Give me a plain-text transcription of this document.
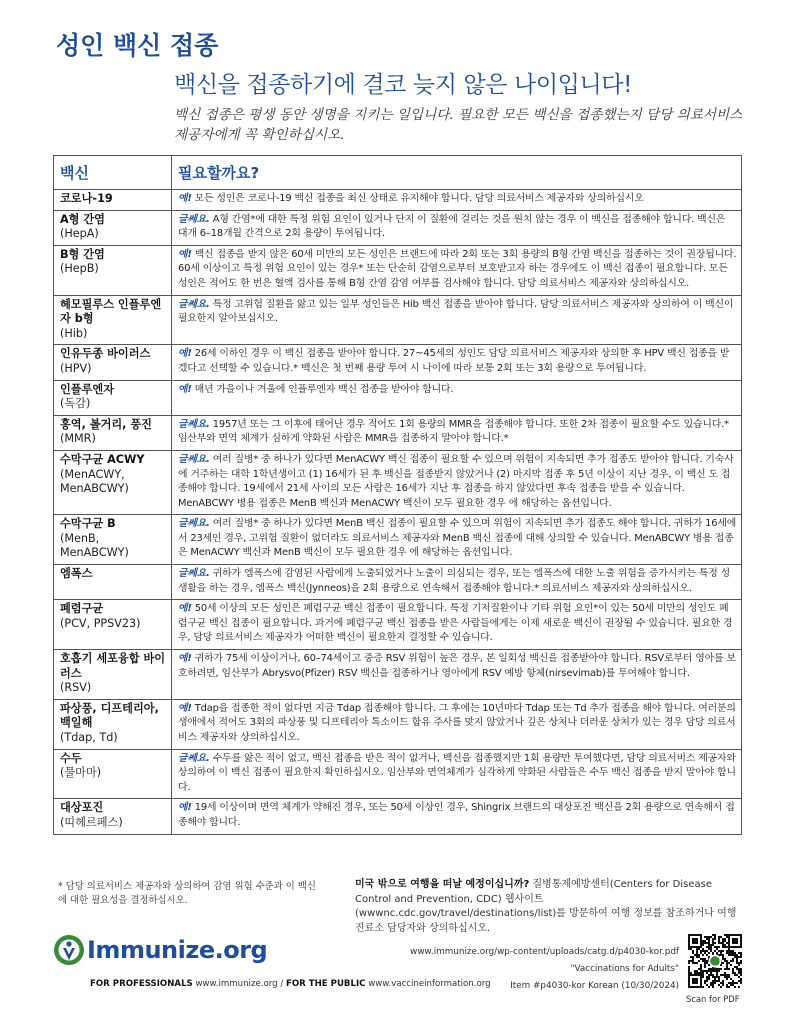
성인 백신 접종
백신을 접종하기에 결코 늦지 않은 나이입니다!
백신 접종은 평생 동안 생명을 지키는 일입니다. 필요한 모든 백신을 접종했는지 담당 의료서비스 제공자에게 꼭 확인하십시오.
백신	필요할까요?

코로나-19	예! 모든 성인은 코로나-19 백신 접종을 최신 상태로 유지해야 합니다. 담당 의료서비스 제공자와 상의하십시오

A형 간염
(HepA)	글쎄요. A형 간염*에 대한 특정 위험 요인이 있거나 단지 이 질환에 걸리는 것을 원치 않는 경우 이 백신을 접종해야 합니다. 백신은 대개 6–18개월 간격으로 2회 용량이 투여됩니다.

B형 간염
(HepB)	예! 백신 접종을 받지 않은 60세 미만의 모든 성인은 브랜드에 따라 2회 또는 3회 용량의 B형 간염 백신을 접종하는 것이 권장됩니다. 60세 이상이고 특정 위험 요인이 있는 경우* 또는 단순히 감염으로부터 보호받고자 하는 경우에도 이 백신 접종이 필요합니다. 모든 성인은 적어도 한 번은 혈액 검사를 통해 B형 간염 감염 여부를 검사해야 합니다. 담당 의료서비스 제공자와 상의하십시오.

헤모필루스 인플루엔자 b형
(Hib)	글쎄요. 특정 고위험 질환을 앓고 있는 일부 성인들은 Hib 백신 접종을 받아야 합니다. 담당 의료서비스 제공자와 상의하여 이 백신이 필요한지 알아보십시오.

인유두종 바이러스
(HPV)	예! 26세 이하인 경우 이 백신 접종을 받아야 합니다. 27~45세의 성인도 담당 의료서비스 제공자와 상의한 후 HPV 백신 접종을 받겠다고 선택할 수 있습니다.* 백신은 첫 번째 용량 투여 시 나이에 따라 보통 2회 또는 3회 용량으로 투여됩니다.

인플루엔자
(독감)	예! 매년 가을이나 겨울에 인플루엔자 백신 접종을 받아야 합니다.

홍역, 볼거리, 풍진
(MMR)	글쎄요. 1957년 또는 그 이후에 태어난 경우 적어도 1회 용량의 MMR을 접종해야 합니다. 또한 2차 접종이 필요할 수도 있습니다.* 임산부와 면역 체계가 심하게 약화된 사람은 MMR을 접종하지 말아야 합니다.*

수막구균 ACWY
(MenACWY, MenABCWY)	글쎄요. 여러 질병* 중 하나가 있다면 MenACWY 백신 접종이 필요할 수 있으며 위험이 지속되면 추가 접종도 받아야 합니다. 기숙사에 거주하는 대학 1학년생이고 (1) 16세가 된 후 백신을 접종받지 않았거나 (2) 마지막 접종 후 5년 이상이 지난 경우, 이 백신 도 접종해야 합니다. 19세에서 21세 사이의 모든 사람은 16세가 지난 후 접종을 하지 않았다면 후속 접종을 받을 수 있습니다. MenABCWY 병용 접종은 MenB 백신과 MenACWY 백신이 모두 필요한 경우 에 해당하는 옵션입니다.

수막구균 B
(MenB, MenABCWY)	글쎄요. 여러 질병* 중 하나가 있다면 MenB 백신 접종이 필요할 수 있으며 위험이 지속되면 추가 접종도 해야 합니다. 귀하가 16세에서 23세인 경우, 고위험 질환이 없더라도 의료서비스 제공자와 MenB 백신 접종에 대해 상의할 수 있습니다. MenABCWY 병용 접종은 MenACWY 백신과 MenB 백신이 모두 필요한 경우 에 해당하는 옵션입니다.

엠폭스	글쎄요. 귀하가 엠폭스에 감염된 사람에게 노출되었거나 노출이 의심되는 경우, 또는 엠폭스에 대한 노출 위험을 증가시키는 특정 성생활을 하는 경우, 엠폭스 백신(Jynneos)을 2회 용량으로 연속해서 접종해야 합니다.* 의료서비스 제공자와 상의하십시오.

폐렴구균
(PCV, PPSV23)	예! 50세 이상의 모든 성인은 폐렴구균 백신 접종이 필요합니다. 특정 기저질환이나 기타 위험 요인*이 있는 50세 미만의 성인도 폐렴구균 백신 접종이 필요합니다. 과거에 폐렴구균 백신 접종을 받은 사람들에게는 이제 새로운 백신이 권장될 수 있습니다. 필요한 경우, 담당 의료서비스 제공자가 어떠한 백신이 필요한지 결정할 수 있습니다.

호흡기 세포융합 바이러스
(RSV)	예! 귀하가 75세 이상이거나, 60–74세이고 중증 RSV 위험이 높은 경우, 본 일회성 백신을 접종받아야 합니다. RSV로부터 영아를 보호하려면, 임산부가 Abrysvo(Pfizer) RSV 백신을 접종하거나 영아에게 RSV 예방 항체(nirsevimab)를 투여해야 합니다.

파상풍, 디프테리아, 백일해
(Tdap, Td)	예! Tdap을 접종한 적이 없다면 지금 Tdap 접종해야 합니다. 그 후에는 10년마다 Tdap 또는 Td 추가 접종을 해야 합니다. 여러분의 생애에서 적어도 3회의 파상풍 및 디프테리아 톡소이드 함유 주사를 맞지 않았거나 깊은 상처나 더러운 상처가 있는 경우 담당 의료서비스 제공자와 상의하십시오.

수두
(물마마)	글쎄요. 수두를 앓은 적이 없고, 백신 접종을 받은 적이 없거나, 백신을 접종했지만 1회 용량만 투여했다면, 담당 의료서비스 제공자와 상의하여 이 백신 접종이 필요한지 확인하십시오. 임산부와 면역체계가 심각하게 약화된 사람들은 수두 백신 접종을 받지 말아야 합니다.

대상포진
(띠헤르페스)	예! 19세 이상이며 면역 체계가 약해진 경우, 또는 50세 이상인 경우, Shingrix 브랜드의 대상포진 백신을 2회 용량으로 연속해서 접종해야 합니다.
* 담당 의료서비스 제공자와 상의하여 감염 위험 수준과 이 백신에 대한 필요성을 결정하십시오.
미국 밖으로 여행을 떠날 예정이십니까? 질병통제예방센터(Centers for Disease Control and Prevention, CDC) 웹사이트(wwwnc.cdc.gov/travel/destinations/list)를 방문하여 여행 정보를 참조하거나 여행 진료소 담당자와 상의하십시오.
Immunize.org
FOR PROFESSIONALS www.immunize.org / FOR THE PUBLIC www.vaccineinformation.org
www.immunize.org/wp-content/uploads/catg.d/p4030-kor.pdf
"Vaccinations for Adults"
Item #p4030-kor Korean (10/30/2024)
Scan for PDF
